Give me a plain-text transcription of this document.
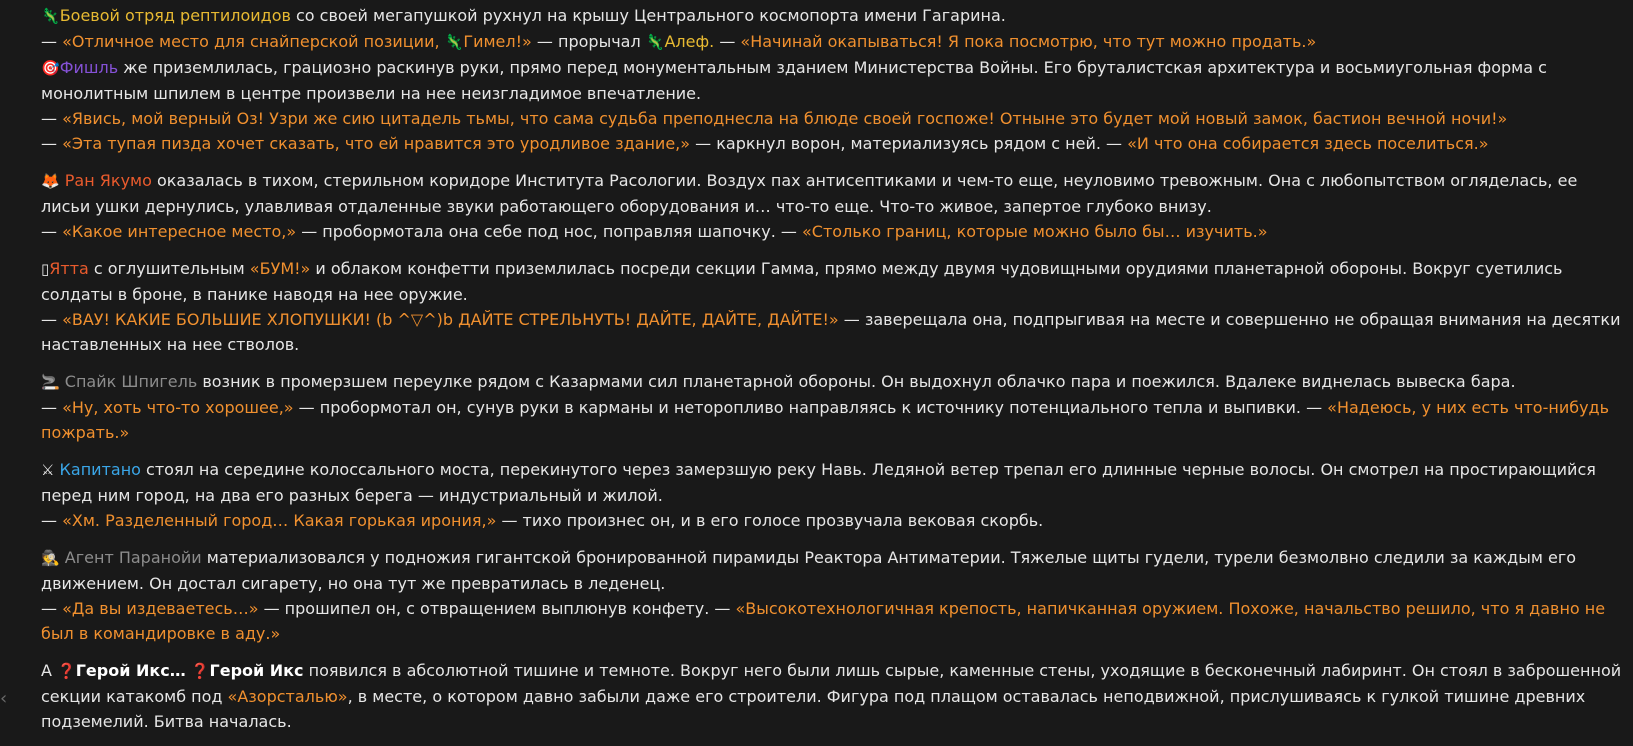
🦎Боевой отряд рептилоидов со своей мегапушкой рухнул на крышу Центрального космопорта имени Гагарина.
— «Отличное место для снайперской позиции, 🦎Гимел!» — прорычал 🦎Алеф. — «Начинай окапываться! Я пока посмотрю, что тут можно продать.»
🎯Фишль же приземлилась, грациозно раскинув руки, прямо перед монументальным зданием Министерства Войны. Его бруталистская архитектура и восьмиугольная форма с монолитным шпилем в центре произвели на нее неизгладимое впечатление.
— «Явись, мой верный Оз! Узри же сию цитадель тьмы, что сама судьба преподнесла на блюде своей госпоже! Отныне это будет мой новый замок, бастион вечной ночи!»
— «Эта тупая пизда хочет сказать, что ей нравится это уродливое здание,» — каркнул ворон, материализуясь рядом с ней. — «И что она собирается здесь поселиться.»
🦊 Ран Якумо оказалась в тихом, стерильном коридоре Института Расологии. Воздух пах антисептиками и чем-то еще, неуловимо тревожным. Она с любопытством огляделась, ее лисьи ушки дернулись, улавливая отдаленные звуки работающего оборудования и… что-то еще. Что-то живое, запертое глубоко внизу.
— «Какое интересное место,» — пробормотала она себе под нос, поправляя шапочку. — «Столько границ, которые можно было бы… изучить.»
▯Ятта с оглушительным «БУМ!» и облаком конфетти приземлилась посреди секции Гамма, прямо между двумя чудовищными орудиями планетарной обороны. Вокруг суетились солдаты в броне, в панике наводя на нее оружие.
— «ВАУ! КАКИЕ БОЛЬШИЕ ХЛОПУШКИ! (b ^▽^)b ДАЙТЕ СТРЕЛЬНУТЬ! ДАЙТЕ, ДАЙТЕ, ДАЙТЕ!» — заверещала она, подпрыгивая на месте и совершенно не обращая внимания на десятки наставленных на нее стволов.
🚬 Спайк Шпигель возник в промерзшем переулке рядом с Казармами сил планетарной обороны. Он выдохнул облачко пара и поежился. Вдалеке виднелась вывеска бара.
— «Ну, хоть что-то хорошее,» — пробормотал он, сунув руки в карманы и неторопливо направляясь к источнику потенциального тепла и выпивки. — «Надеюсь, у них есть что-нибудь пожрать.»
⚔ Капитано стоял на середине колоссального моста, перекинутого через замерзшую реку Навь. Ледяной ветер трепал его длинные черные волосы. Он смотрел на простирающийся перед ним город, на два его разных берега — индустриальный и жилой.
— «Хм. Разделенный город… Какая горькая ирония,» — тихо произнес он, и в его голосе прозвучала вековая скорбь.
🕵 Агент Паранойи материализовался у подножия гигантской бронированной пирамиды Реактора Антиматерии. Тяжелые щиты гудели, турели безмолвно следили за каждым его движением. Он достал сигарету, но она тут же превратилась в леденец.
— «Да вы издеваетесь…» — прошипел он, с отвращением выплюнув конфету. — «Высокотехнологичная крепость, напичканная оружием. Похоже, начальство решило, что я давно не был в командировке в аду.»
А ❓Герой Икс… ❓Герой Икс появился в абсолютной тишине и темноте. Вокруг него были лишь сырые, каменные стены, уходящие в бесконечный лабиринт. Он стоял в заброшенной секции катакомб под «Азорсталью», в месте, о котором давно забыли даже его строители. Фигура под плащом оставалась неподвижной, прислушиваясь к гулкой тишине древних подземелий. Битва началась.
‹
